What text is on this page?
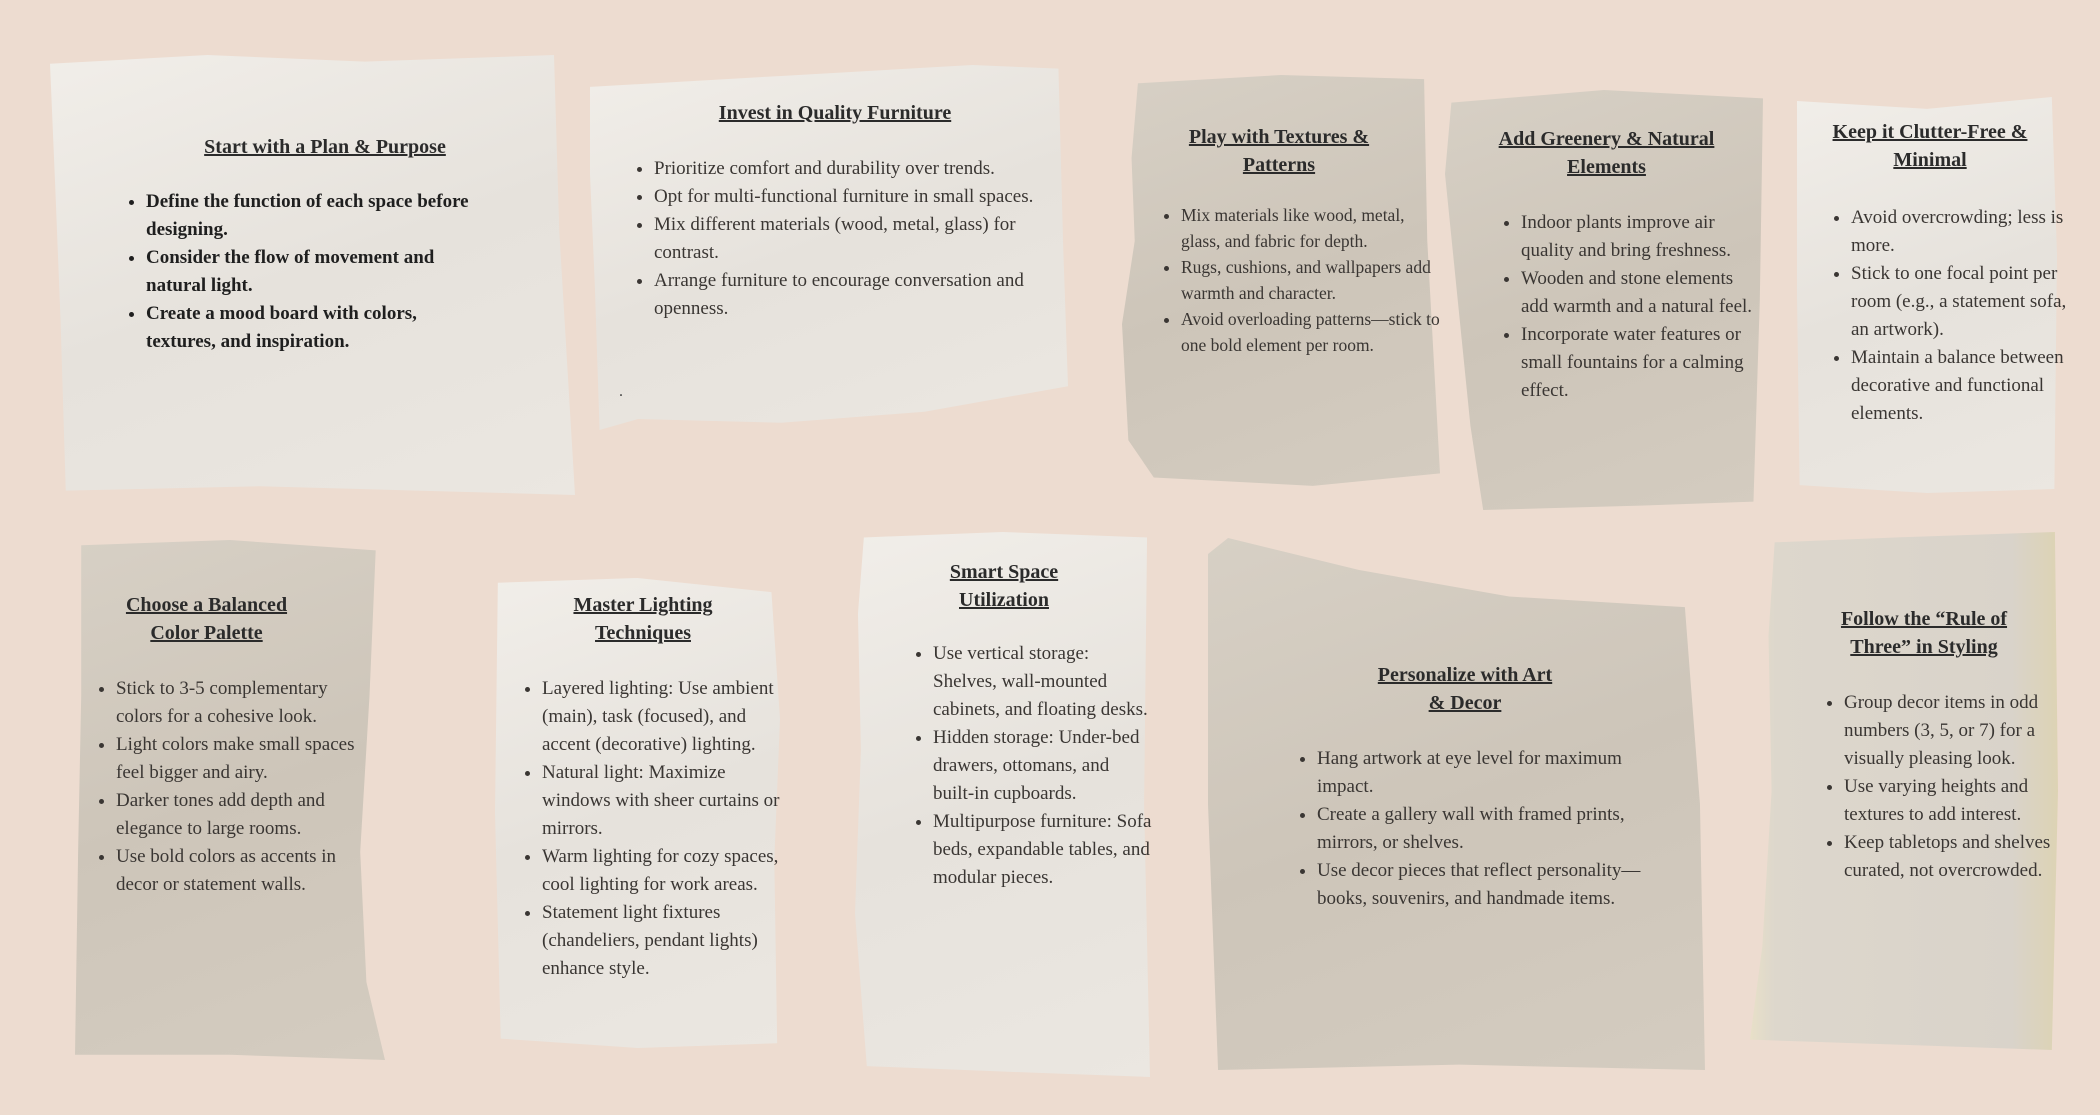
Start with a Plan & Purpose
• Define the function of each space before designing.
• Consider the flow of movement and natural light.
• Create a mood board with colors, textures, and inspiration.
Invest in Quality Furniture
• Prioritize comfort and durability over trends.
• Opt for multi-functional furniture in small spaces.
• Mix different materials (wood, metal, glass) for contrast.
• Arrange furniture to encourage conversation and openness.
.
Play with Textures & Patterns
• Mix materials like wood, metal, glass, and fabric for depth.
• Rugs, cushions, and wallpapers add warmth and character.
• Avoid overloading patterns—stick to one bold element per room.
Add Greenery & Natural Elements
• Indoor plants improve air quality and bring freshness.
• Wooden and stone elements add warmth and a natural feel.
• Incorporate water features or small fountains for a calming effect.
Keep it Clutter-Free & Minimal
• Avoid overcrowding; less is more.
• Stick to one focal point per room (e.g., a statement sofa, an artwork).
• Maintain a balance between decorative and functional elements.
Choose a Balanced Color Palette
• Stick to 3-5 complementary colors for a cohesive look.
• Light colors make small spaces feel bigger and airy.
• Darker tones add depth and elegance to large rooms.
• Use bold colors as accents in decor or statement walls.
Master Lighting Techniques
• Layered lighting: Use ambient (main), task (focused), and accent (decorative) lighting.
• Natural light: Maximize windows with sheer curtains or mirrors.
• Warm lighting for cozy spaces, cool lighting for work areas.
• Statement light fixtures (chandeliers, pendant lights) enhance style.
Smart Space Utilization
• Use vertical storage: Shelves, wall-mounted cabinets, and floating desks.
• Hidden storage: Under-bed drawers, ottomans, and built-in cupboards.
• Multipurpose furniture: Sofa beds, expandable tables, and modular pieces.
Personalize with Art & Decor
• Hang artwork at eye level for maximum impact.
• Create a gallery wall with framed prints, mirrors, or shelves.
• Use decor pieces that reflect personality—books, souvenirs, and handmade items.
Follow the “Rule of Three” in Styling
• Group decor items in odd numbers (3, 5, or 7) for a visually pleasing look.
• Use varying heights and textures to add interest.
• Keep tabletops and shelves curated, not overcrowded.
